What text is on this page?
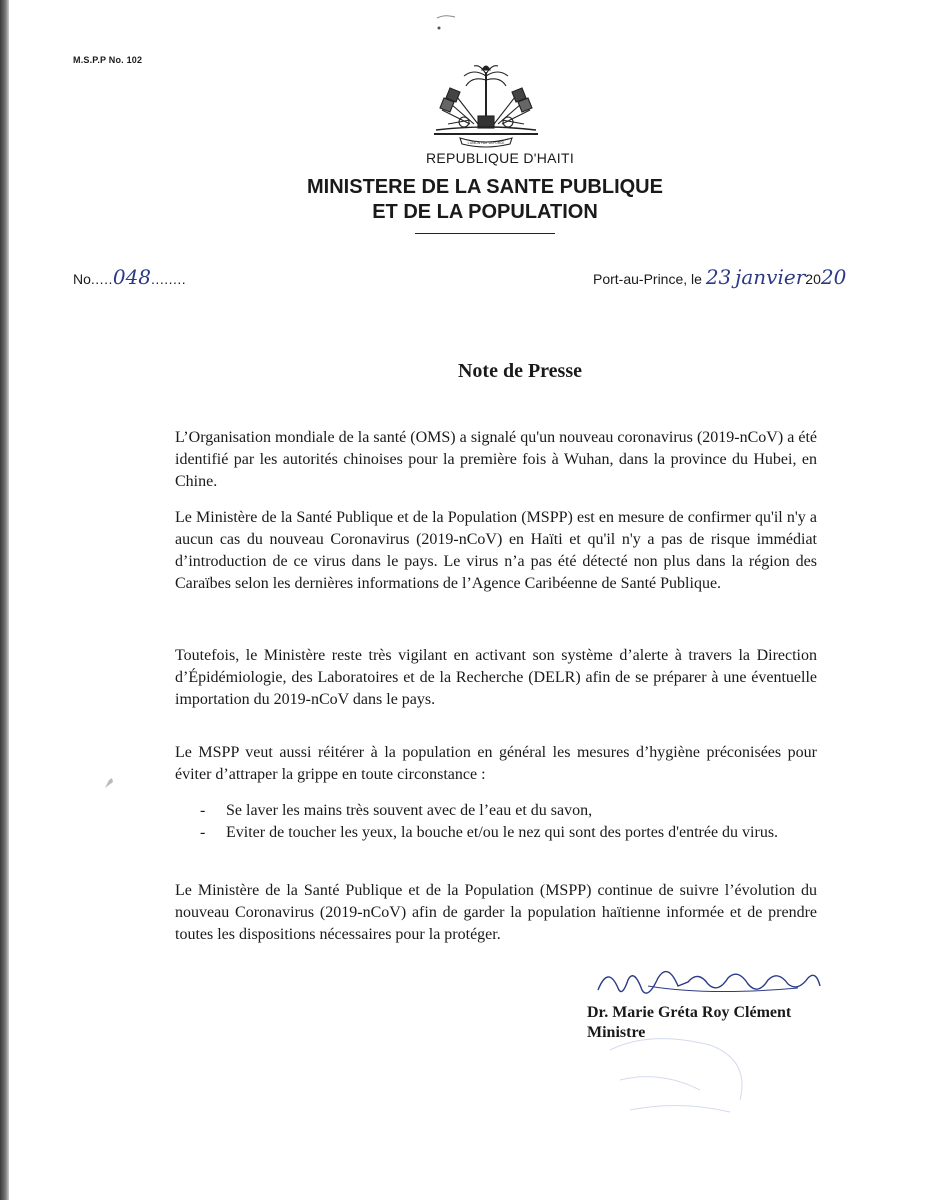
M.S.P.P No. 102
L'UNION FAIT LA FORCE
REPUBLIQUE D'HAITI
MINISTERE DE LA SANTE PUBLIQUE
ET DE LA POPULATION
No.....048........	Port-au-Prince, le 23 janvier2020
Note de Presse

L’Organisation mondiale de la santé (OMS) a signalé qu'un nouveau coronavirus (2019-nCoV) a été identifié par les autorités chinoises pour la première fois à Wuhan, dans la province du Hubei, en Chine.

Le Ministère de la Santé Publique et de la Population (MSPP) est en mesure de confirmer qu'il n'y a aucun cas du nouveau Coronavirus (2019-nCoV) en Haïti et qu'il n'y a pas de risque immédiat d’introduction de ce virus dans le pays. Le virus n’a pas été détecté non plus dans la région des Caraïbes selon les dernières informations de l’Agence Caribéenne de Santé Publique.

Toutefois, le Ministère reste très vigilant en activant son système d’alerte à travers la Direction d’Épidémiologie, des Laboratoires et de la Recherche (DELR) afin de se préparer à une éventuelle importation du 2019-nCoV dans le pays.

Le MSPP veut aussi réitérer à la population en général les mesures d’hygiène préconisées pour éviter d’attraper la grippe en toute circonstance :

-	Se laver les mains très souvent avec de l’eau et du savon,
-	Eviter de toucher les yeux, la bouche et/ou le nez qui sont des portes d'entrée du virus.

Le Ministère de la Santé Publique et de la Population (MSPP) continue de suivre l’évolution du nouveau Coronavirus (2019-nCoV) afin de garder la population haïtienne informée et de prendre toutes les dispositions nécessaires pour la protéger.

MRoy Clément
Dr. Marie Gréta Roy Clément
Ministre
